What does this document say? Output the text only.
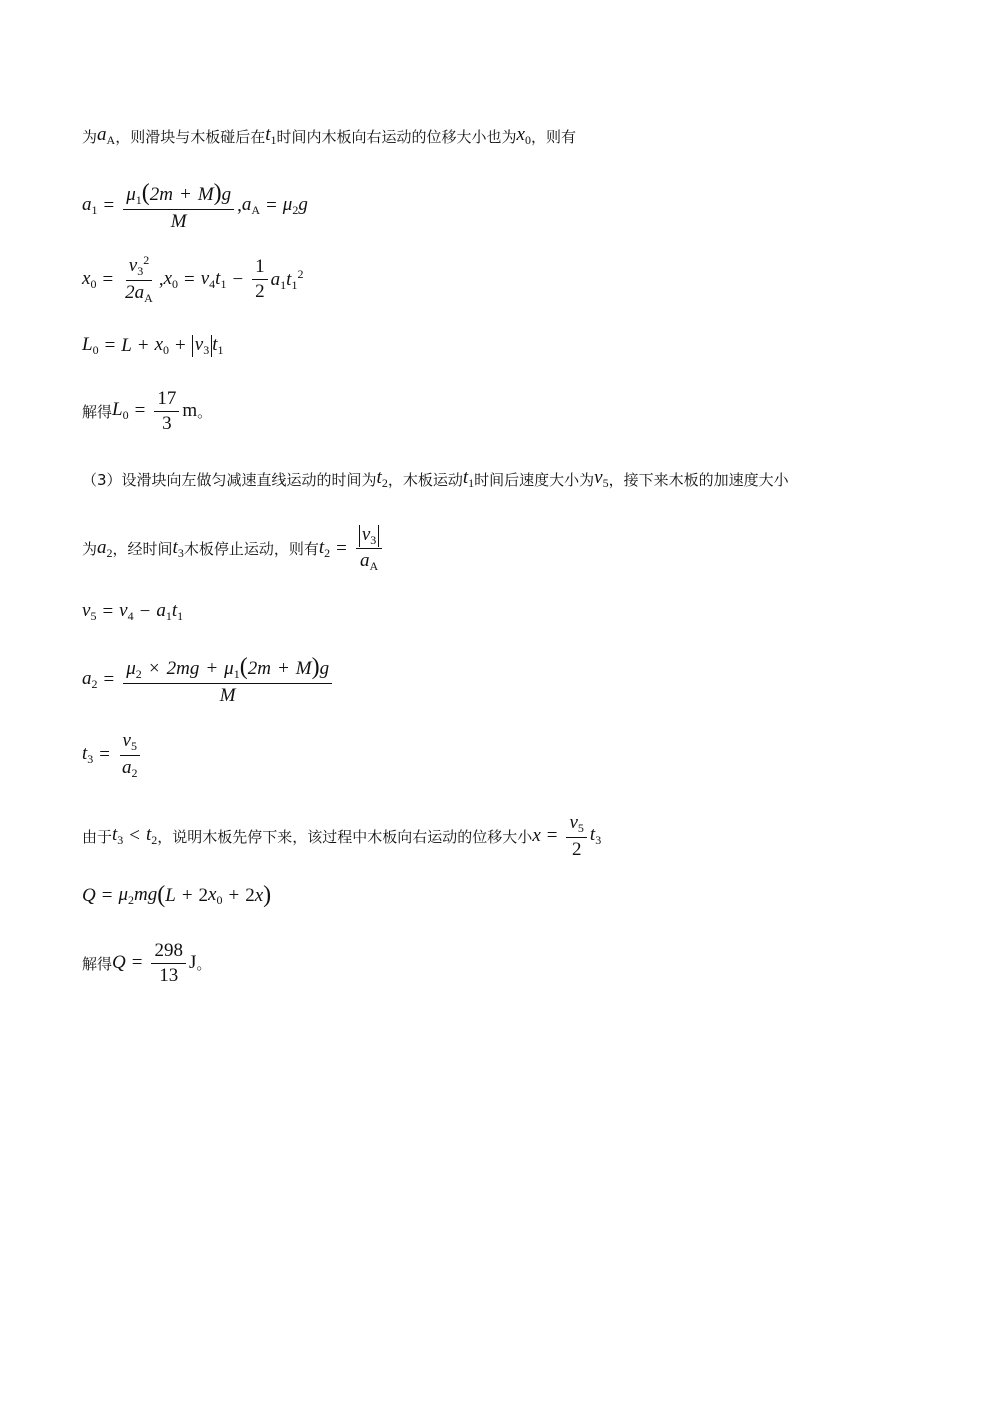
为 $a_A$ ，则滑块与木板碰后在 $t_1$ 时间内木板向右运动的位移大小也为 $x_0$ ，则有
$a_1 = \frac{\mu_1(2m + M)g}{M}$ , $a_A = \mu_2g$
$x_0 = \frac{v_3^2}{2a_A}$ , $x_0 = v_4t_1 - \frac{1}{2} a_1t_1^2$
$L_0 = L + x_0 + v_3$ $t_1$
解得 $L_0 = \frac{17}{3}$ m 。
（3）设滑块向左做匀减速直线运动的时间为 $t_2$ ，木板运动 $t_1$ 时间后速度大小为 $v_5$ ，接下来木板的加速度大小
为 $a_2$ ，经时间 $t_3$ 木板停止运动，则有 $t_2 = \frac{v_3}{a_A}$
$v_5 = v_4 - a_1t_1$
$a_2 = \frac{\mu_2 \times 2mg + \mu_1(2m + M)g}{M}$
$t_3 = \frac{v_5}{a_2}$
由于 $t_3 < t_2$ ，说明木板先停下来，该过程中木板向右运动的位移大小 $x = \frac{v_5}{2} t_3$
$Q = \mu_2mg$ ( L + 2 $x_0 + 2$ x )
解得 $Q = \frac{298}{13}$ J 。
